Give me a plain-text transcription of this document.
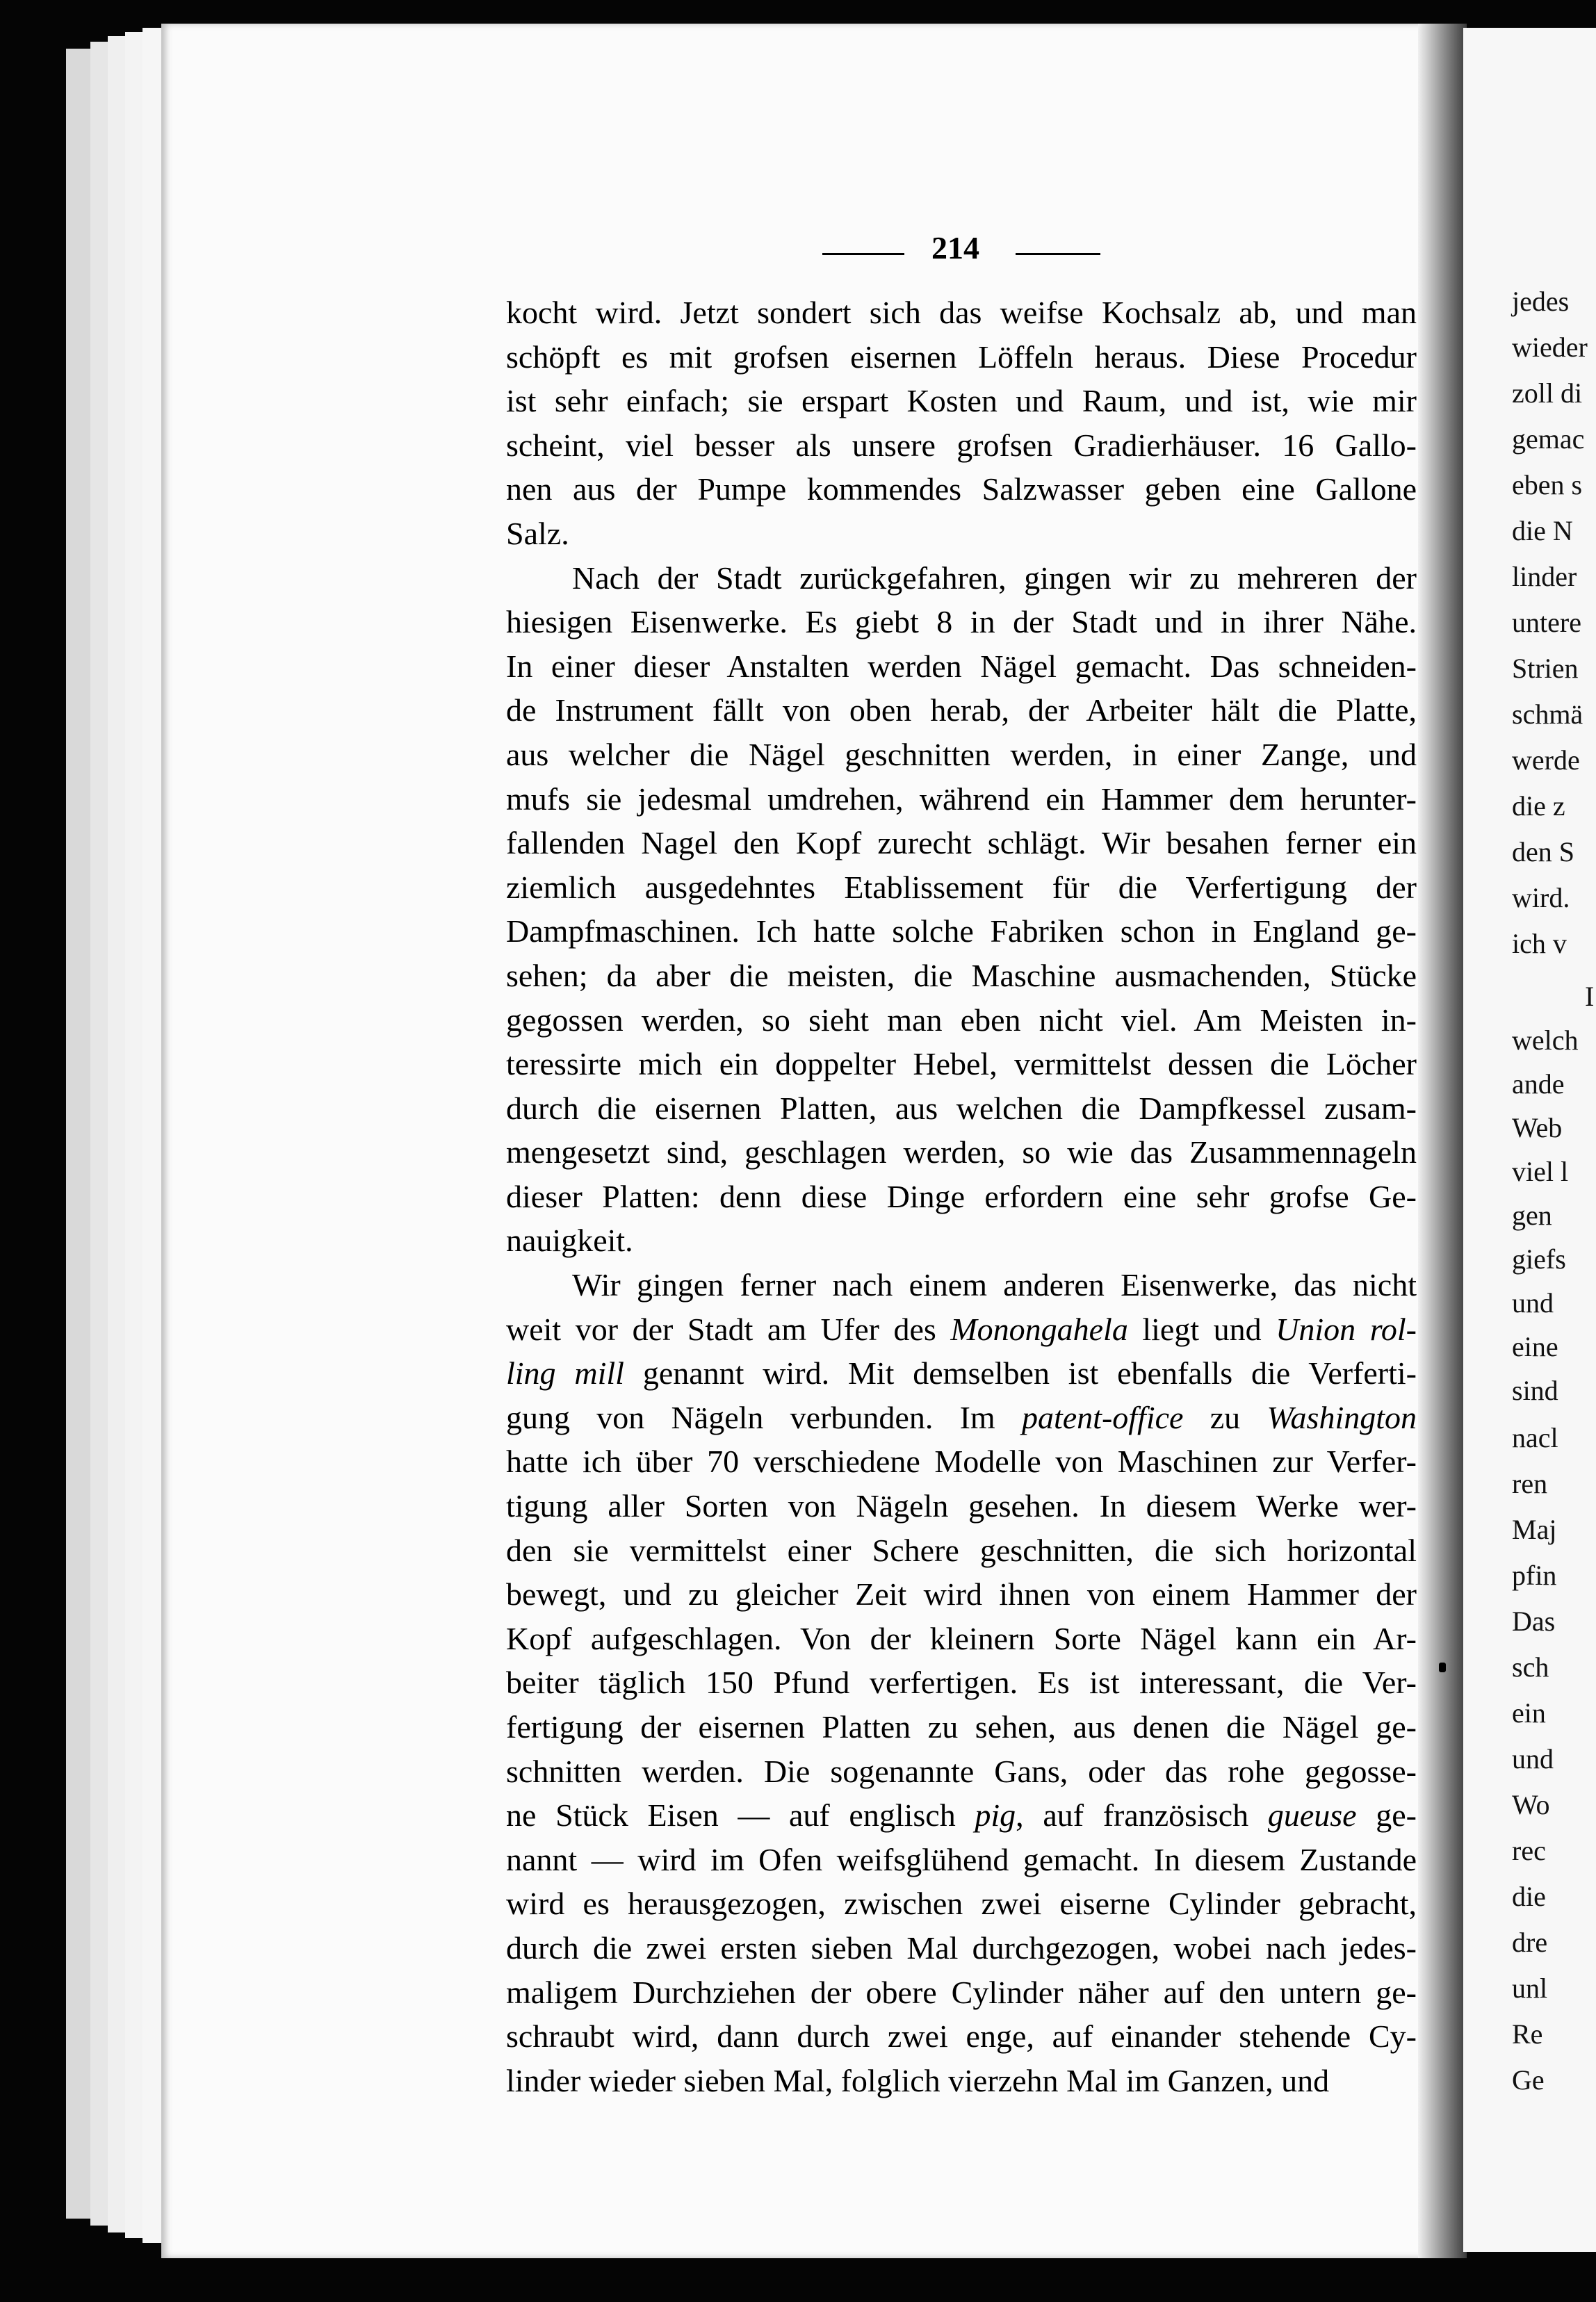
jedes
wieder
zoll di
gemac
eben s
die N
linder
untere
Strien
schmä
werde
die z
den S
wird.
ich v
I
welch
ande
Web
viel l
gen
giefs
und
eine
sind
nacl
ren
Maj
pfin
Das
sch
ein
und
Wo
rec
die
dre
unl
Re
Ge
214
kocht wird. Jetzt sondert sich das weifse Kochsalz ab, und man
schöpft es mit grofsen eisernen Löffeln heraus. Diese Procedur
ist sehr einfach; sie erspart Kosten und Raum, und ist, wie mir
scheint, viel besser als unsere grofsen Gradierhäuser. 16 Gallo-
nen aus der Pumpe kommendes Salzwasser geben eine Gallone
Salz.
Nach der Stadt zurückgefahren, gingen wir zu mehreren der
hiesigen Eisenwerke. Es giebt 8 in der Stadt und in ihrer Nähe.
In einer dieser Anstalten werden Nägel gemacht. Das schneiden-
de Instrument fällt von oben herab, der Arbeiter hält die Platte,
aus welcher die Nägel geschnitten werden, in einer Zange, und
mufs sie jedesmal umdrehen, während ein Hammer dem herunter-
fallenden Nagel den Kopf zurecht schlägt. Wir besahen ferner ein
ziemlich ausgedehntes Etablissement für die Verfertigung der
Dampfmaschinen. Ich hatte solche Fabriken schon in England ge-
sehen; da aber die meisten, die Maschine ausmachenden, Stücke
gegossen werden, so sieht man eben nicht viel. Am Meisten in-
teressirte mich ein doppelter Hebel, vermittelst dessen die Löcher
durch die eisernen Platten, aus welchen die Dampfkessel zusam-
mengesetzt sind, geschlagen werden, so wie das Zusammennageln
dieser Platten: denn diese Dinge erfordern eine sehr grofse Ge-
nauigkeit.
Wir gingen ferner nach einem anderen Eisenwerke, das nicht
weit vor der Stadt am Ufer des Monongahela liegt und Union rol-
ling mill genannt wird. Mit demselben ist ebenfalls die Verferti-
gung von Nägeln verbunden. Im patent-office zu Washington
hatte ich über 70 verschiedene Modelle von Maschinen zur Verfer-
tigung aller Sorten von Nägeln gesehen. In diesem Werke wer-
den sie vermittelst einer Schere geschnitten, die sich horizontal
bewegt, und zu gleicher Zeit wird ihnen von einem Hammer der
Kopf aufgeschlagen. Von der kleinern Sorte Nägel kann ein Ar-
beiter täglich 150 Pfund verfertigen. Es ist interessant, die Ver-
fertigung der eisernen Platten zu sehen, aus denen die Nägel ge-
schnitten werden. Die sogenannte Gans, oder das rohe gegosse-
ne Stück Eisen — auf englisch pig, auf französisch gueuse ge-
nannt — wird im Ofen weifsglühend gemacht. In diesem Zustande
wird es herausgezogen, zwischen zwei eiserne Cylinder gebracht,
durch die zwei ersten sieben Mal durchgezogen, wobei nach jedes-
maligem Durchziehen der obere Cylinder näher auf den untern ge-
schraubt wird, dann durch zwei enge, auf einander stehende Cy-
linder wieder sieben Mal, folglich vierzehn Mal im Ganzen, und
